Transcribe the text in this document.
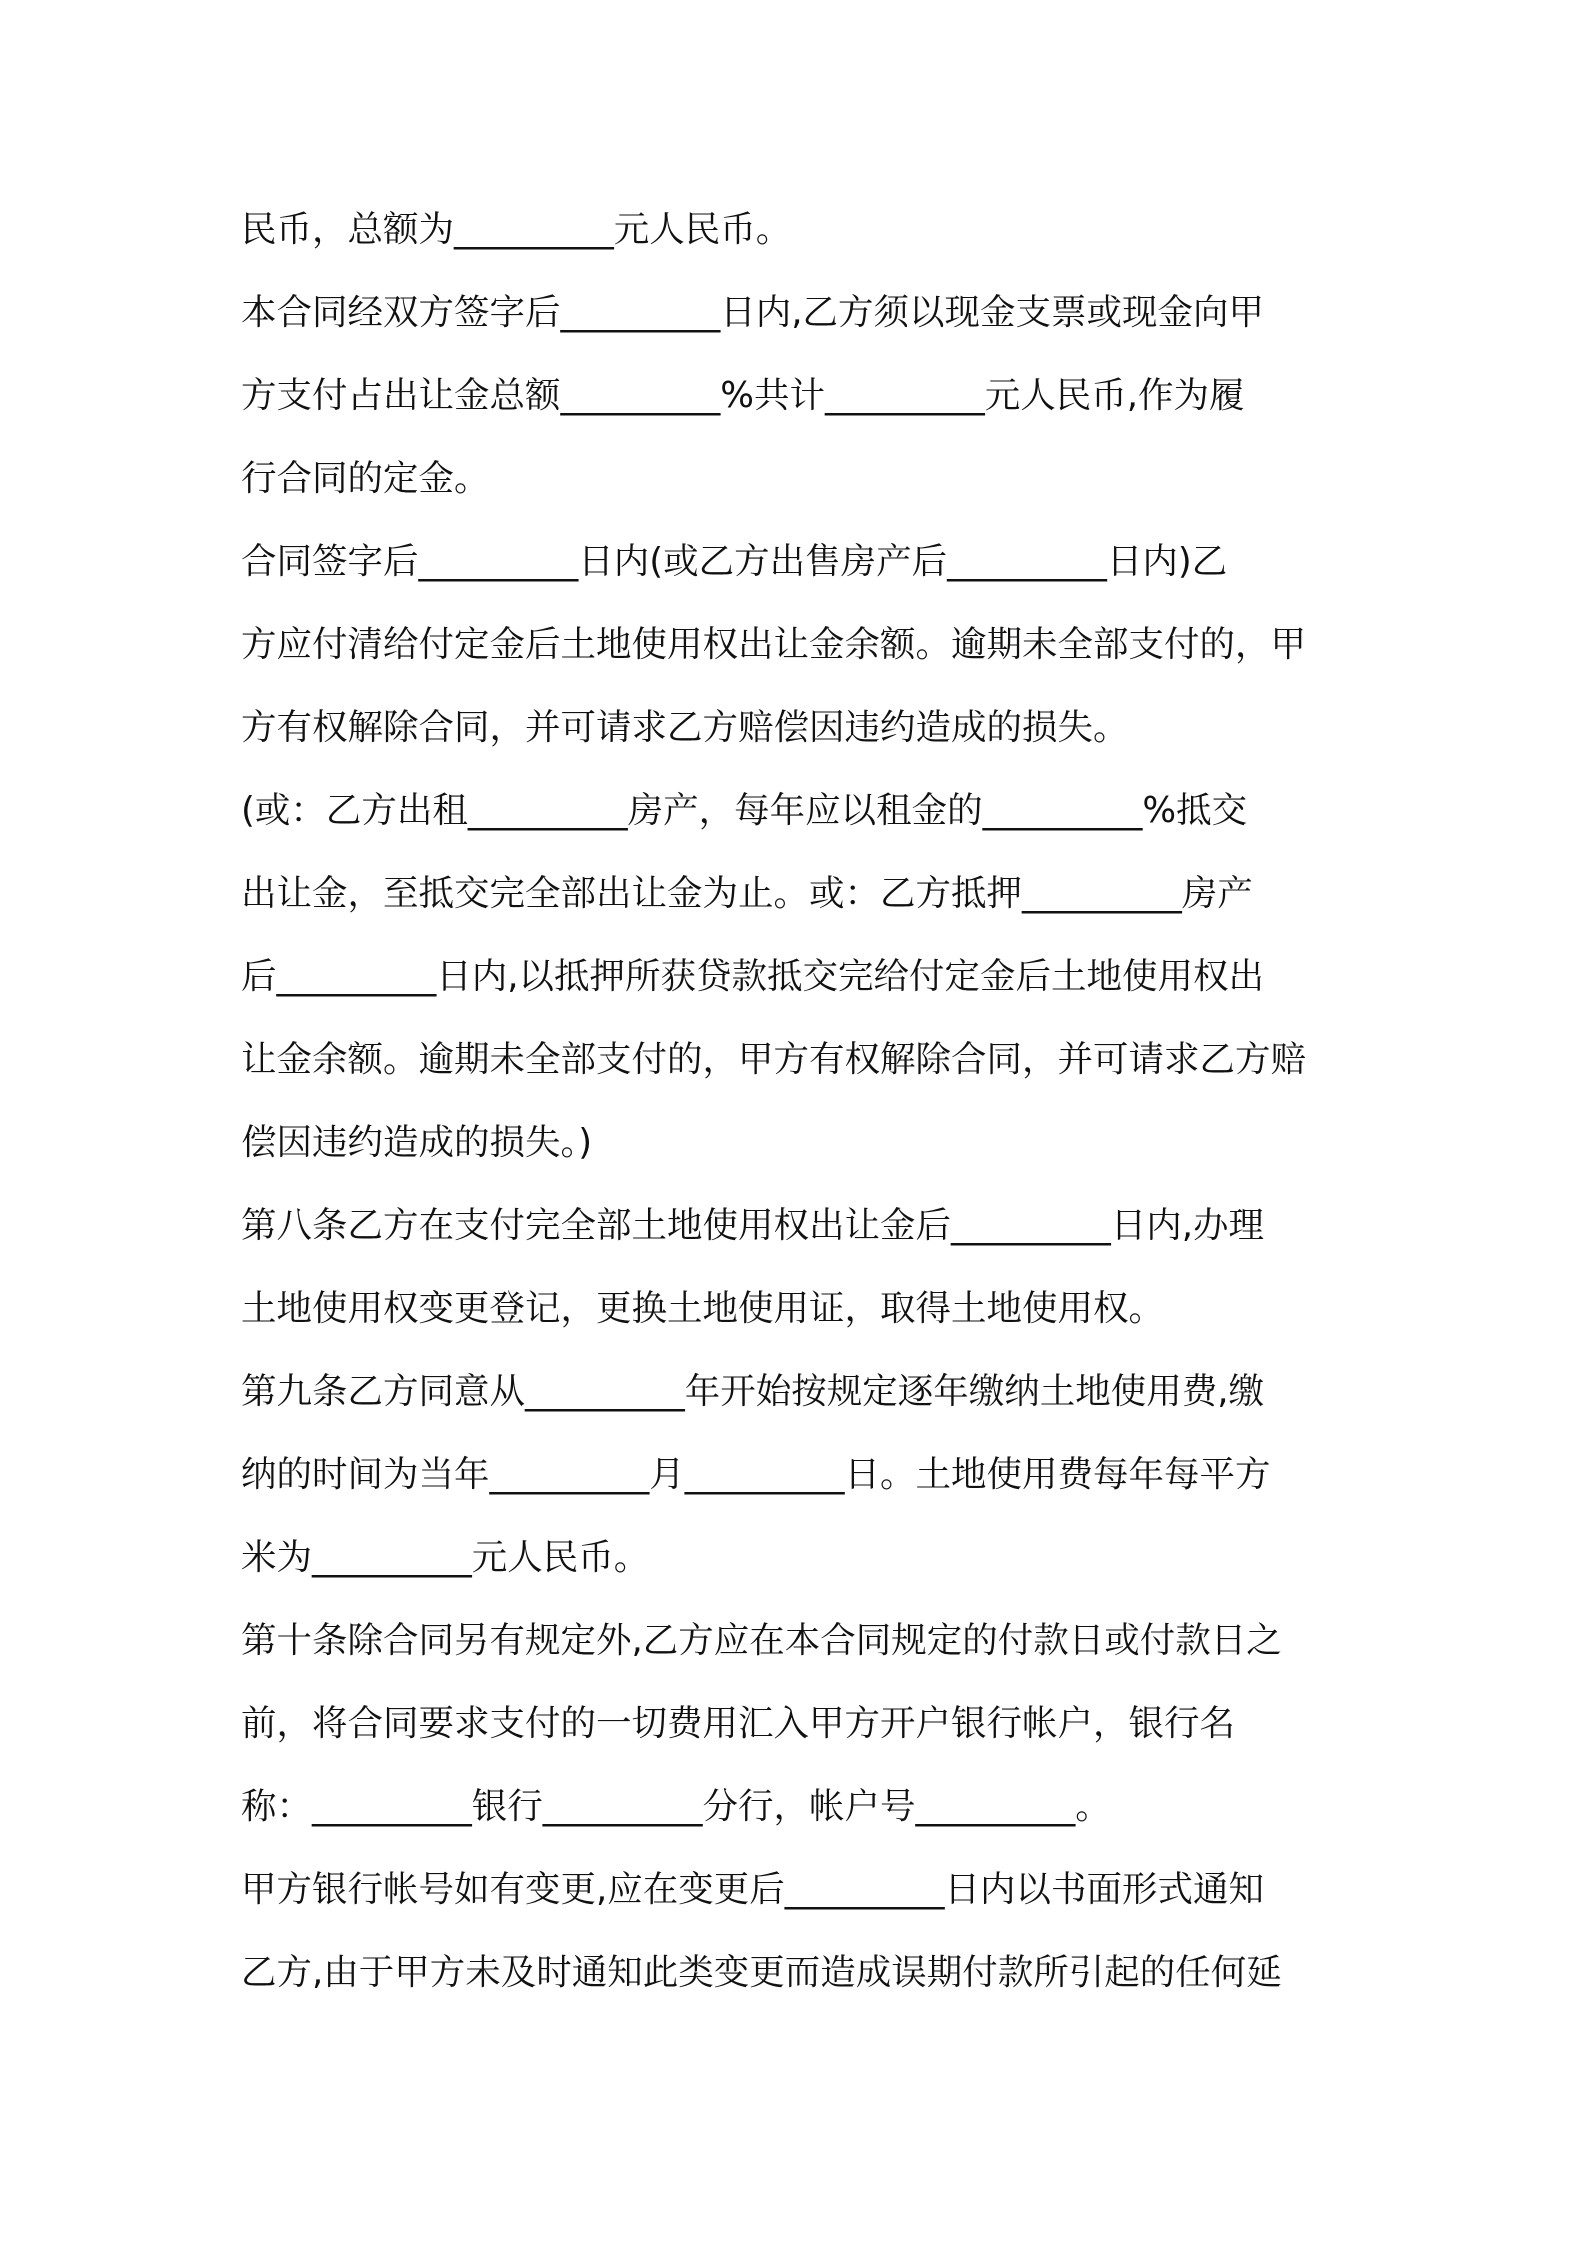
民币，总额为_________元人民币。
本合同经双方签字后_________日内,乙方须以现金支票或现金向甲
方支付占出让金总额_________%共计_________元人民币,作为履
行合同的定金。
合同签字后_________日内(或乙方出售房产后_________日内)乙
方应付清给付定金后土地使用权出让金余额。逾期未全部支付的，甲
方有权解除合同，并可请求乙方赔偿因违约造成的损失。
(或：乙方出租_________房产，每年应以租金的_________%抵交
出让金，至抵交完全部出让金为止。或：乙方抵押_________房产
后_________日内,以抵押所获贷款抵交完给付定金后土地使用权出
让金余额。逾期未全部支付的，甲方有权解除合同，并可请求乙方赔
偿因违约造成的损失。)
第八条乙方在支付完全部土地使用权出让金后_________日内,办理
土地使用权变更登记，更换土地使用证，取得土地使用权。
第九条乙方同意从_________年开始按规定逐年缴纳土地使用费,缴
纳的时间为当年_________月_________日。土地使用费每年每平方
米为_________元人民币。
第十条除合同另有规定外,乙方应在本合同规定的付款日或付款日之
前，将合同要求支付的一切费用汇入甲方开户银行帐户，银行名
称：_________银行_________分行，帐户号_________。
甲方银行帐号如有变更,应在变更后_________日内以书面形式通知
乙方,由于甲方未及时通知此类变更而造成误期付款所引起的任何延
